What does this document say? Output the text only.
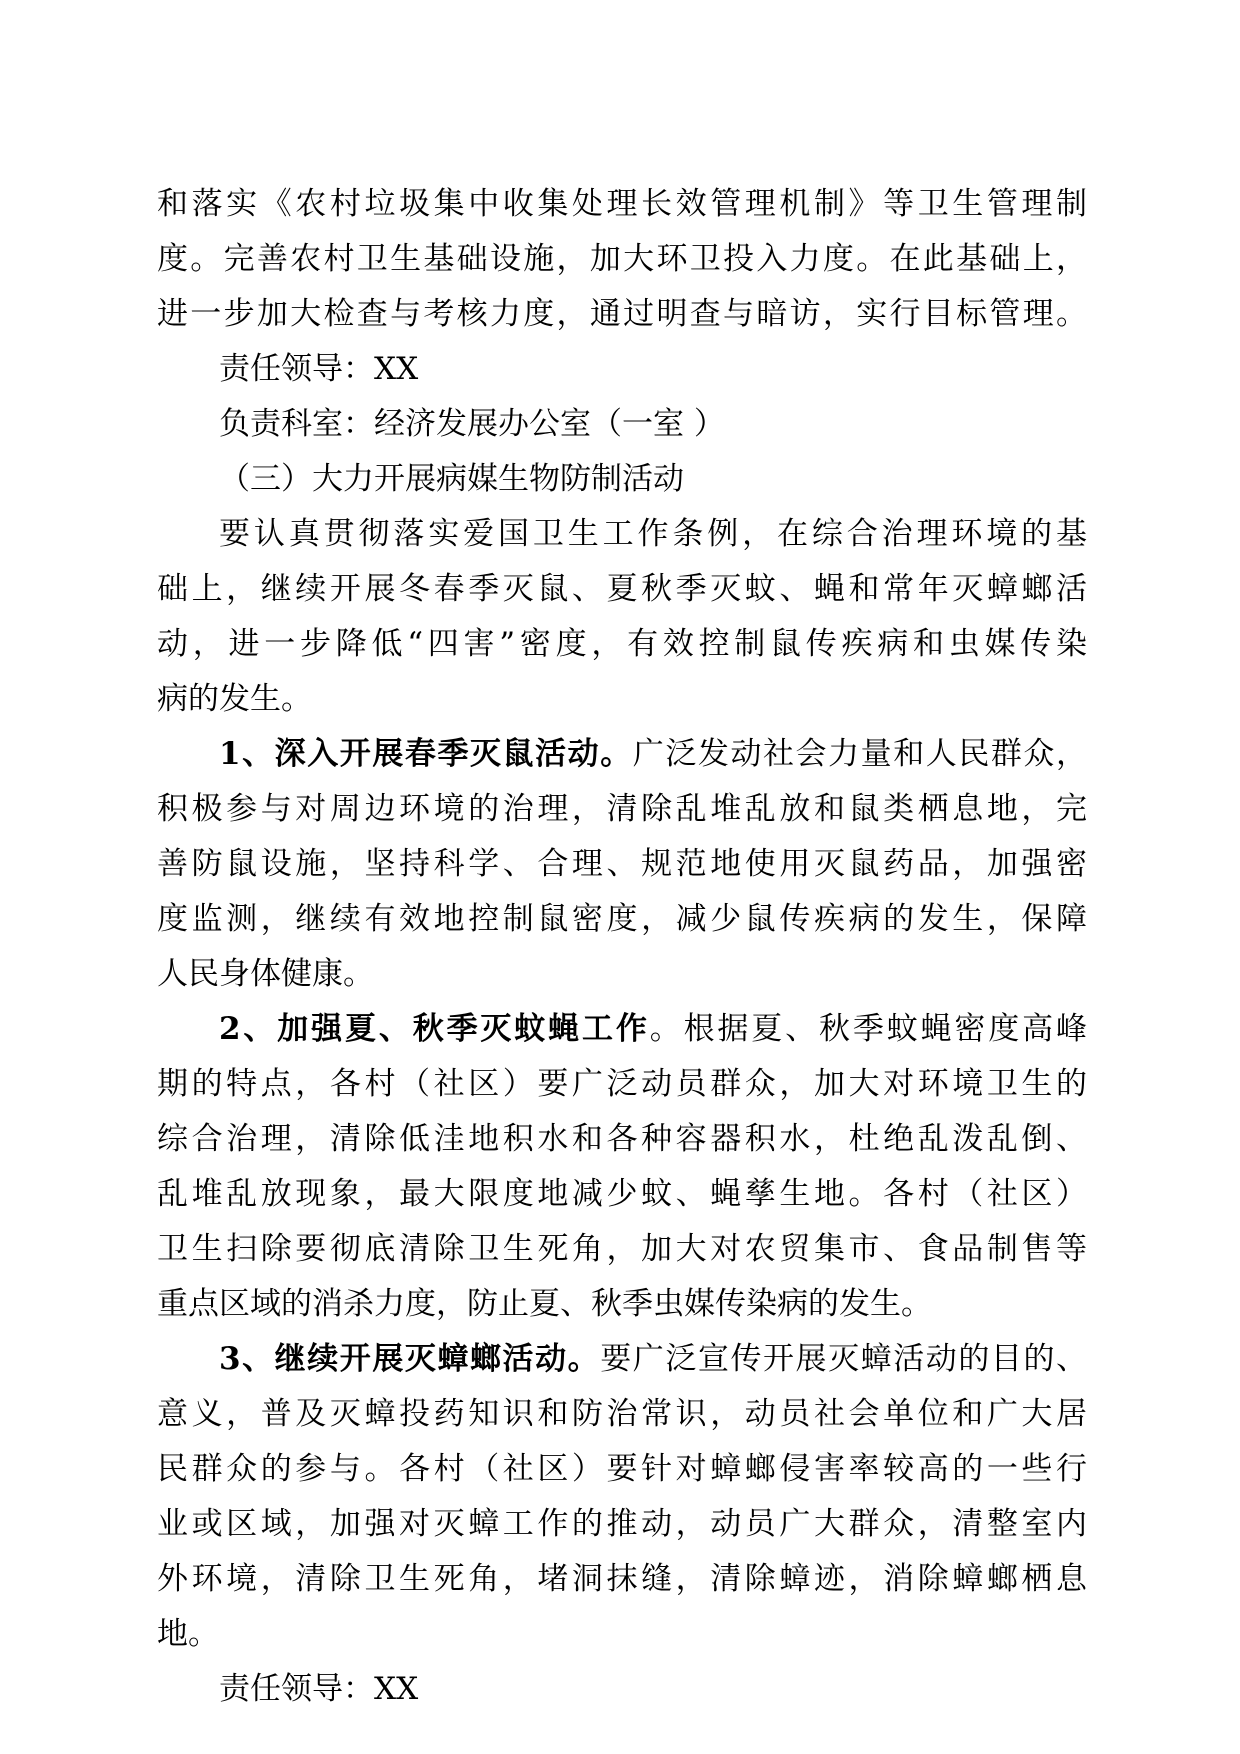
和落实《农村垃圾集中收集处理长效管理机制》等卫生管理制
度。完善农村卫生基础设施，加大环卫投入力度。在此基础上，
进一步加大检查与考核力度，通过明查与暗访，实行目标管理。
责任领导：XX
负责科室：经济发展办公室（一室 ）
（三）大力开展病媒生物防制活动
要认真贯彻落实爱国卫生工作条例，在综合治理环境的基
础上，继续开展冬春季灭鼠、夏秋季灭蚊、蝇和常年灭蟑螂活
动，进一步降低“四害”密度，有效控制鼠传疾病和虫媒传染
病的发生。
1、深入开展春季灭鼠活动。广泛发动社会力量和人民群众，
积极参与对周边环境的治理，清除乱堆乱放和鼠类栖息地，完
善防鼠设施，坚持科学、合理、规范地使用灭鼠药品，加强密
度监测，继续有效地控制鼠密度，减少鼠传疾病的发生，保障
人民身体健康。
2、加强夏、秋季灭蚊蝇工作。根据夏、秋季蚊蝇密度高峰
期的特点，各村（社区）要广泛动员群众，加大对环境卫生的
综合治理，清除低洼地积水和各种容器积水，杜绝乱泼乱倒、
乱堆乱放现象，最大限度地减少蚊、蝇孳生地。各村（社区）
卫生扫除要彻底清除卫生死角，加大对农贸集市、食品制售等
重点区域的消杀力度，防止夏、秋季虫媒传染病的发生。
3、继续开展灭蟑螂活动。要广泛宣传开展灭蟑活动的目的、
意义，普及灭蟑投药知识和防治常识，动员社会单位和广大居
民群众的参与。各村（社区）要针对蟑螂侵害率较高的一些行
业或区域，加强对灭蟑工作的推动，动员广大群众，清整室内
外环境，清除卫生死角，堵洞抹缝，清除蟑迹，消除蟑螂栖息
地。
责任领导：XX
